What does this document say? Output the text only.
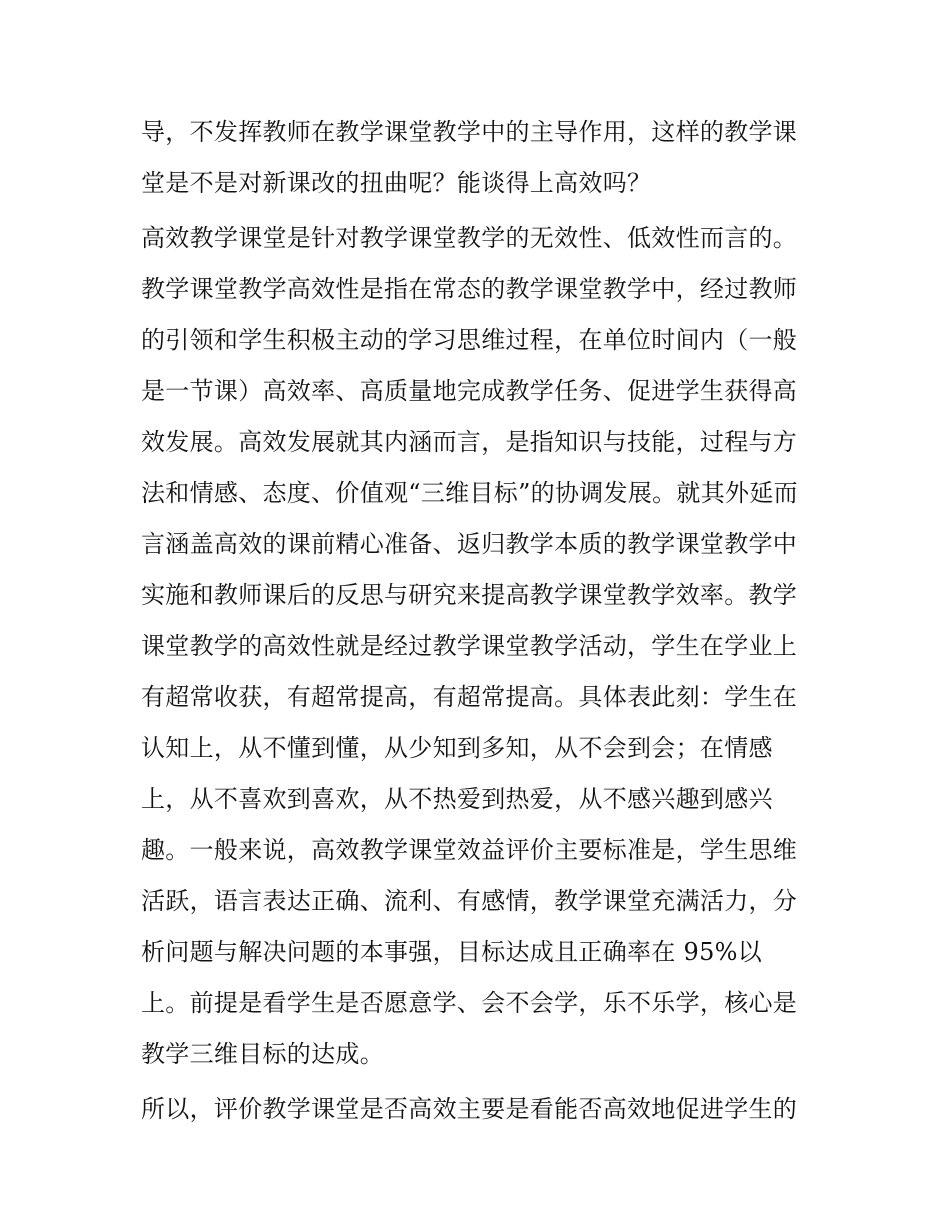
导，不发挥教师在教学课堂教学中的主导作用，这样的教学课
堂是不是对新课改的扭曲呢？能谈得上高效吗？
高效教学课堂是针对教学课堂教学的无效性、低效性而言的。
教学课堂教学高效性是指在常态的教学课堂教学中，经过教师
的引领和学生积极主动的学习思维过程，在单位时间内（一般
是一节课）高效率、高质量地完成教学任务、促进学生获得高
效发展。高效发展就其内涵而言，是指知识与技能，过程与方
法和情感、态度、价值观“三维目标”的协调发展。就其外延而
言涵盖高效的课前精心准备、返归教学本质的教学课堂教学中
实施和教师课后的反思与研究来提高教学课堂教学效率。教学
课堂教学的高效性就是经过教学课堂教学活动，学生在学业上
有超常收获，有超常提高，有超常提高。具体表此刻：学生在
认知上，从不懂到懂，从少知到多知，从不会到会；在情感
上，从不喜欢到喜欢，从不热爱到热爱，从不感兴趣到感兴
趣。一般来说，高效教学课堂效益评价主要标准是，学生思维
活跃，语言表达正确、流利、有感情，教学课堂充满活力，分
析问题与解决问题的本事强，目标达成且正确率在 95%以
上。前提是看学生是否愿意学、会不会学，乐不乐学，核心是
教学三维目标的达成。
所以，评价教学课堂是否高效主要是看能否高效地促进学生的
